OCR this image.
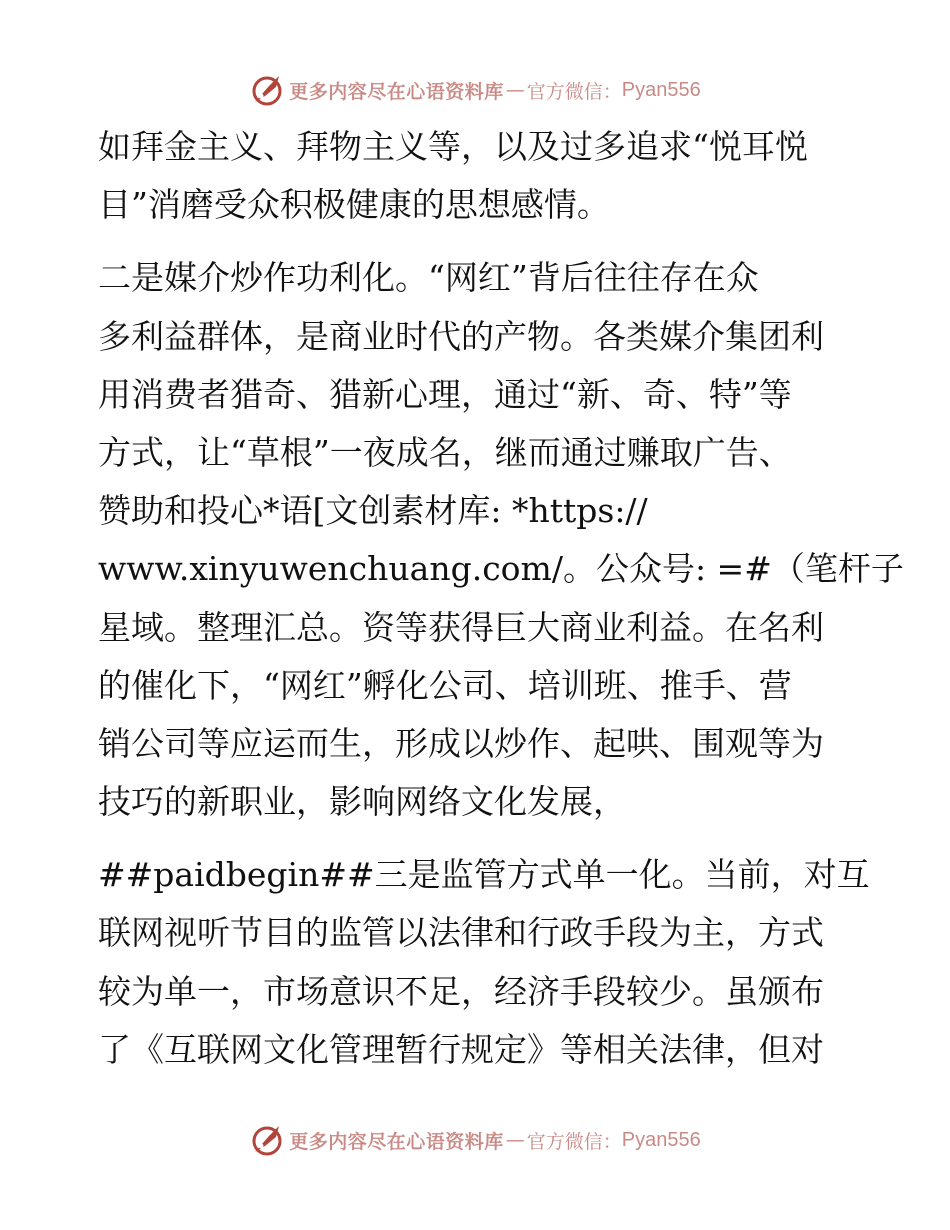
更多内容尽在心语资料库 — 官方微信： Pyan556
如拜金主义、拜物主义等，以及过多追求“悦耳悦
目”消磨受众积极健康的思想感情。
二是媒介炒作功利化。“网红”背后往往存在众
多利益群体，是商业时代的产物。各类媒介集团利
用消费者猎奇、猎新心理，通过“新、奇、特”等
方式，让“草根”一夜成名，继而通过赚取广告、
赞助和投心*语[文创素材库: *https://
www.xinyuwenchuang.com/。公众号: =#（笔杆子
星域。整理汇总。资等获得巨大商业利益。在名利
的催化下，“网红”孵化公司、培训班、推手、营
销公司等应运而生，形成以炒作、起哄、围观等为
技巧的新职业，影响网络文化发展，
##paidbegin##三是监管方式单一化。当前，对互
联网视听节目的监管以法律和行政手段为主，方式
较为单一，市场意识不足，经济手段较少。虽颁布
了《互联网文化管理暂行规定》等相关法律，但对
更多内容尽在心语资料库 — 官方微信： Pyan556
